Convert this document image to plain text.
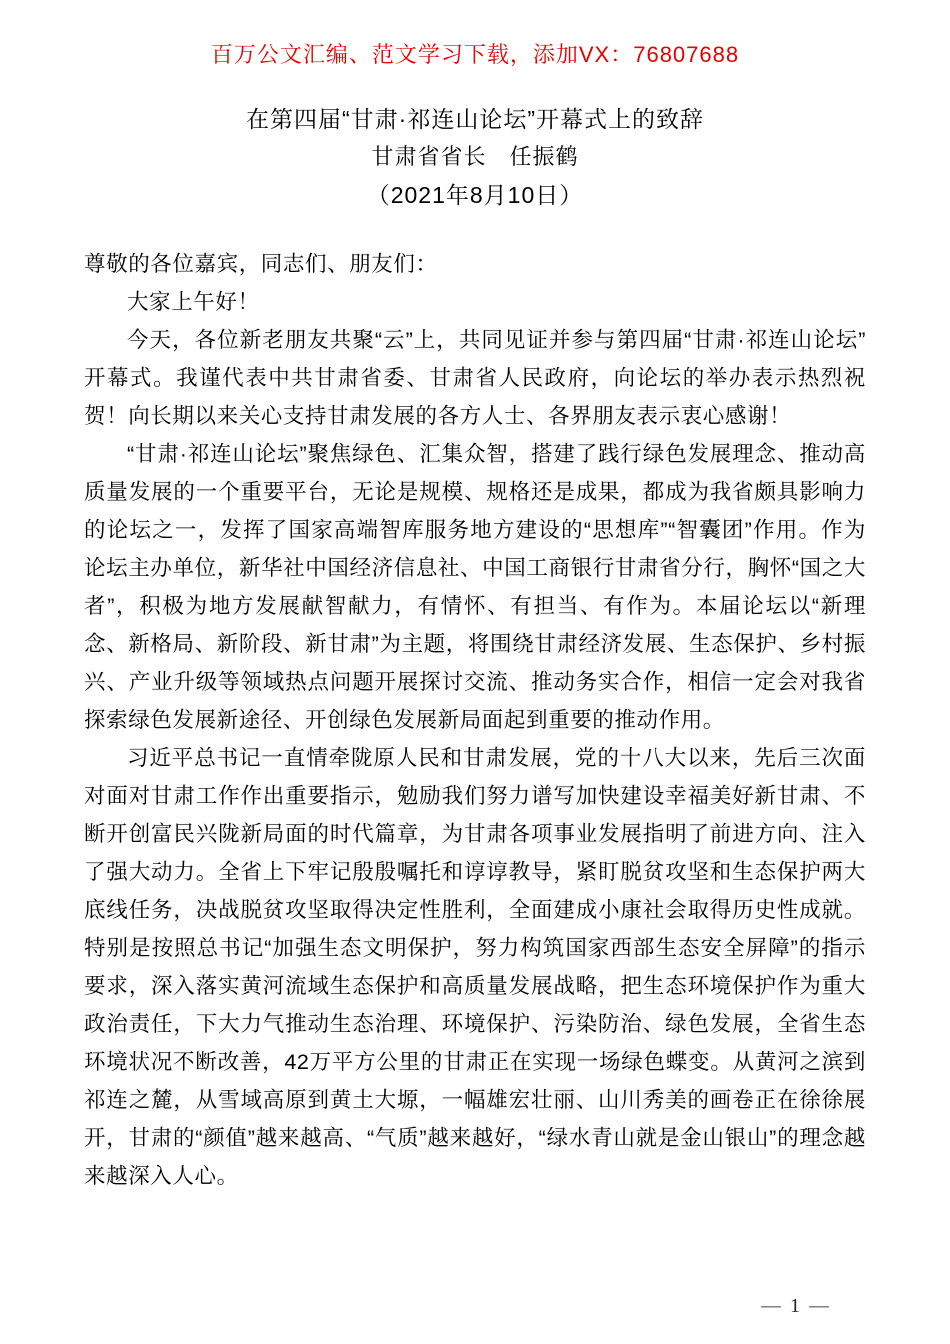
百万公文汇编、范文学习下载，添加VX：76807688
在第四届“甘肃·祁连山论坛”开幕式上的致辞
甘肃省省长　任振鹤
（2021年8月10日）

尊敬的各位嘉宾，同志们、朋友们：

大家上午好！

今天，各位新老朋友共聚“云”上，共同见证并参与第四届“甘肃·祁连山论坛”开幕式。我谨代表中共甘肃省委、甘肃省人民政府，向论坛的举办表示热烈祝贺！向长期以来关心支持甘肃发展的各方人士、各界朋友表示衷心感谢！

“甘肃·祁连山论坛”聚焦绿色、汇集众智，搭建了践行绿色发展理念、推动高质量发展的一个重要平台，无论是规模、规格还是成果，都成为我省颇具影响力的论坛之一，发挥了国家高端智库服务地方建设的“思想库”“智囊团”作用。作为论坛主办单位，新华社中国经济信息社、中国工商银行甘肃省分行，胸怀“国之大者”，积极为地方发展献智献力，有情怀、有担当、有作为。本届论坛以“新理念、新格局、新阶段、新甘肃”为主题，将围绕甘肃经济发展、生态保护、乡村振兴、产业升级等领域热点问题开展探讨交流、推动务实合作，相信一定会对我省探索绿色发展新途径、开创绿色发展新局面起到重要的推动作用。

习近平总书记一直情牵陇原人民和甘肃发展，党的十八大以来，先后三次面对面对甘肃工作作出重要指示，勉励我们努力谱写加快建设幸福美好新甘肃、不断开创富民兴陇新局面的时代篇章，为甘肃各项事业发展指明了前进方向、注入了强大动力。全省上下牢记殷殷嘱托和谆谆教导，紧盯脱贫攻坚和生态保护两大底线任务，决战脱贫攻坚取得决定性胜利，全面建成小康社会取得历史性成就。特别是按照总书记“加强生态文明保护，努力构筑国家西部生态安全屏障”的指示要求，深入落实黄河流域生态保护和高质量发展战略，把生态环境保护作为重大政治责任，下大力气推动生态治理、环境保护、污染防治、绿色发展，全省生态环境状况不断改善，42万平方公里的甘肃正在实现一场绿色蝶变。从黄河之滨到祁连之麓，从雪域高原到黄土大塬，一幅雄宏壮丽、山川秀美的画卷正在徐徐展开，甘肃的“颜值”越来越高、“气质”越来越好，“绿水青山就是金山银山”的理念越来越深入人心。

— 1 —
